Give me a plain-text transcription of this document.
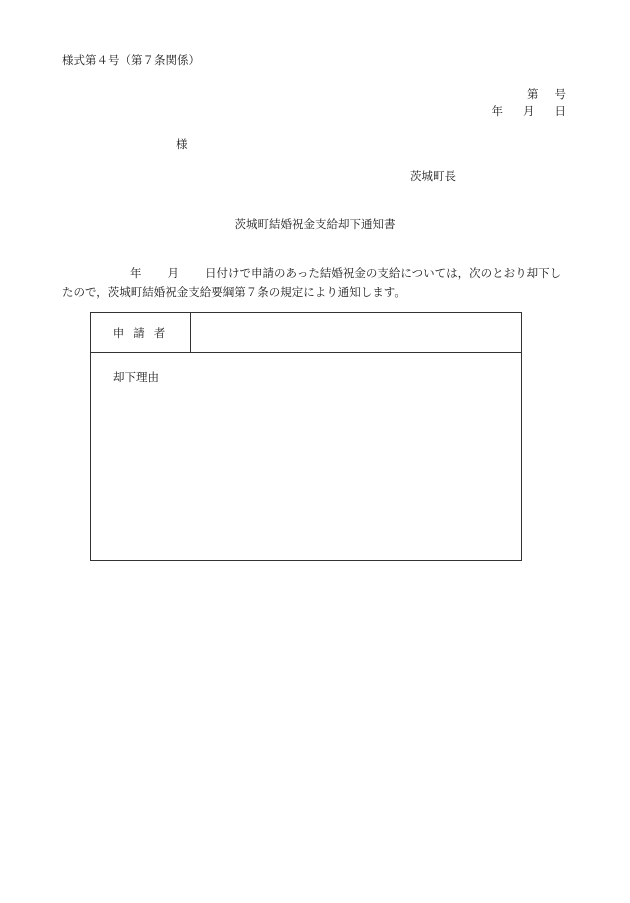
様式第４号（第７条関係）
第 号
年 月 日
様
茨城町長
茨城町結婚祝金支給却下通知書
年 月 日付けで申請のあった結婚祝金の支給については，次のとおり却下したので，茨城町結婚祝金支給要綱第７条の規定により通知します。
申請者
却下理由
